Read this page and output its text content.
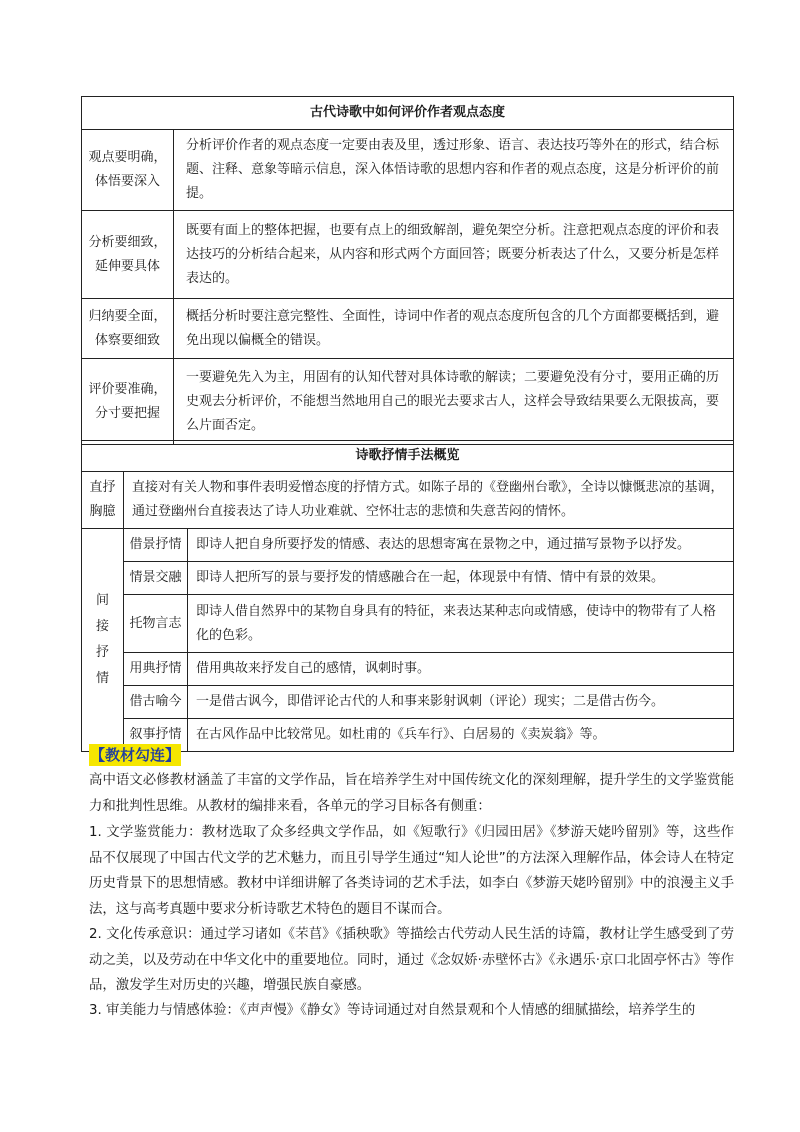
古代诗歌中如何评价作者观点态度	
观点要明确，体悟要深入	分析评价作者的观点态度一定要由表及里，透过形象、语言、表达技巧等外在的形式，结合标题、注释、意象等暗示信息，深入体悟诗歌的思想内容和作者的观点态度，这是分析评价的前提。
分析要细致，延伸要具体	既要有面上的整体把握，也要有点上的细致解剖，避免架空分析。注意把观点态度的评价和表达技巧的分析结合起来，从内容和形式两个方面回答；既要分析表达了什么，又要分析是怎样表达的。
归纳要全面，体察要细致	概括分析时要注意完整性、全面性，诗词中作者的观点态度所包含的几个方面都要概括到，避免出现以偏概全的错误。
评价要准确，分寸要把握	一要避免先入为主，用固有的认知代替对具体诗歌的解读；二要避免没有分寸，要用正确的历史观去分析评价，不能想当然地用自己的眼光去要求古人，这样会导致结果要么无限拔高，要么片面否定。
诗歌抒情手法概览		
直抒胸臆	直接对有关人物和事件表明爱憎态度的抒情方式。如陈子昂的《登幽州台歌》，全诗以慷慨悲凉的基调，通过登幽州台直接表达了诗人功业难就、空怀壮志的悲愤和失意苦闷的情怀。	
间接抒情	借景抒情	即诗人把自身所要抒发的情感、表达的思想寄寓在景物之中，通过描写景物予以抒发。
	情景交融	即诗人把所写的景与要抒发的情感融合在一起，体现景中有情、情中有景的效果。
	托物言志	即诗人借自然界中的某物自身具有的特征，来表达某种志向或情感，使诗中的物带有了人格化的色彩。
	用典抒情	借用典故来抒发自己的感情，讽刺时事。
	借古喻今	一是借古讽今，即借评论古代的人和事来影射讽刺（评论）现实；二是借古伤今。
	叙事抒情	在古风作品中比较常见。如杜甫的《兵车行》、白居易的《卖炭翁》等。
【教材勾连】

高中语文必修教材涵盖了丰富的文学作品，旨在培养学生对中国传统文化的深刻理解，提升学生的文学鉴赏能力和批判性思维。从教材的编排来看，各单元的学习目标各有侧重：

1. 文学鉴赏能力：教材选取了众多经典文学作品，如《短歌行》《归园田居》《梦游天姥吟留别》等，这些作品不仅展现了中国古代文学的艺术魅力，而且引导学生通过“知人论世”的方法深入理解作品，体会诗人在特定历史背景下的思想情感。教材中详细讲解了各类诗词的艺术手法，如李白《梦游天姥吟留别》中的浪漫主义手法，这与高考真题中要求分析诗歌艺术特色的题目不谋而合。

2. 文化传承意识：通过学习诸如《芣苢》《插秧歌》等描绘古代劳动人民生活的诗篇，教材让学生感受到了劳动之美，以及劳动在中华文化中的重要地位。同时，通过《念奴娇·赤壁怀古》《永遇乐·京口北固亭怀古》等作品，激发学生对历史的兴趣，增强民族自豪感。

3. 审美能力与情感体验：《声声慢》《静女》等诗词通过对自然景观和个人情感的细腻描绘，培养学生的
